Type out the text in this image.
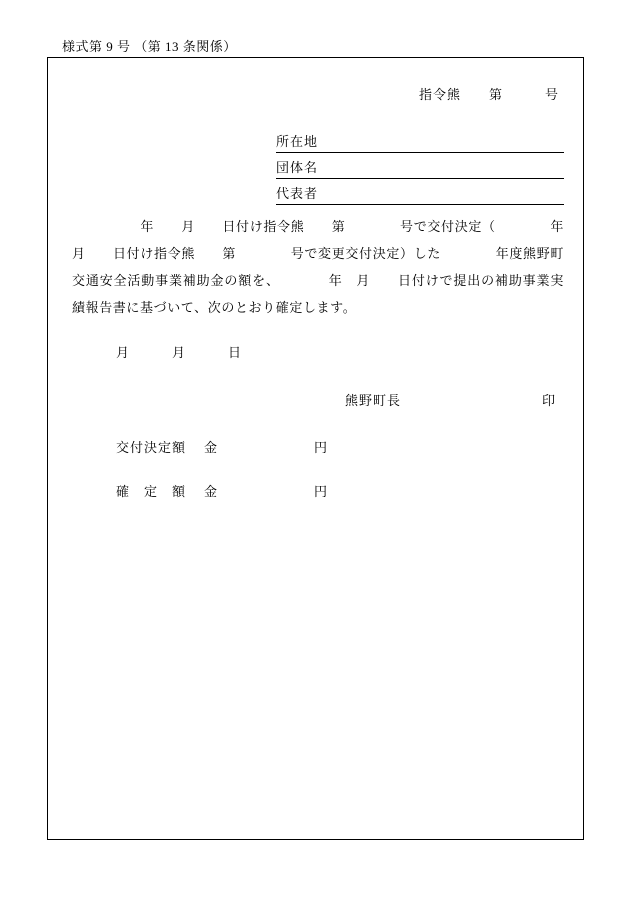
様式第 9 号 （第 13 条関係）
指令熊　　第　　　号
所在地
団体名
代表者
　　　　　年　　月　　日付け指令熊　　第　　　　号で交付決定（　　　　年　　月　　日付け指令熊　　第　　　　号で変更交付決定）した　　　　年度熊野町交通安全活動事業補助金の額を、　　　　年　月　　日付けで提出の補助事業実績報告書に基づいて、次のとおり確定します。
月　　　月　　　日
熊野町長	印
交付決定額 金	円
確　定　額 金	円
